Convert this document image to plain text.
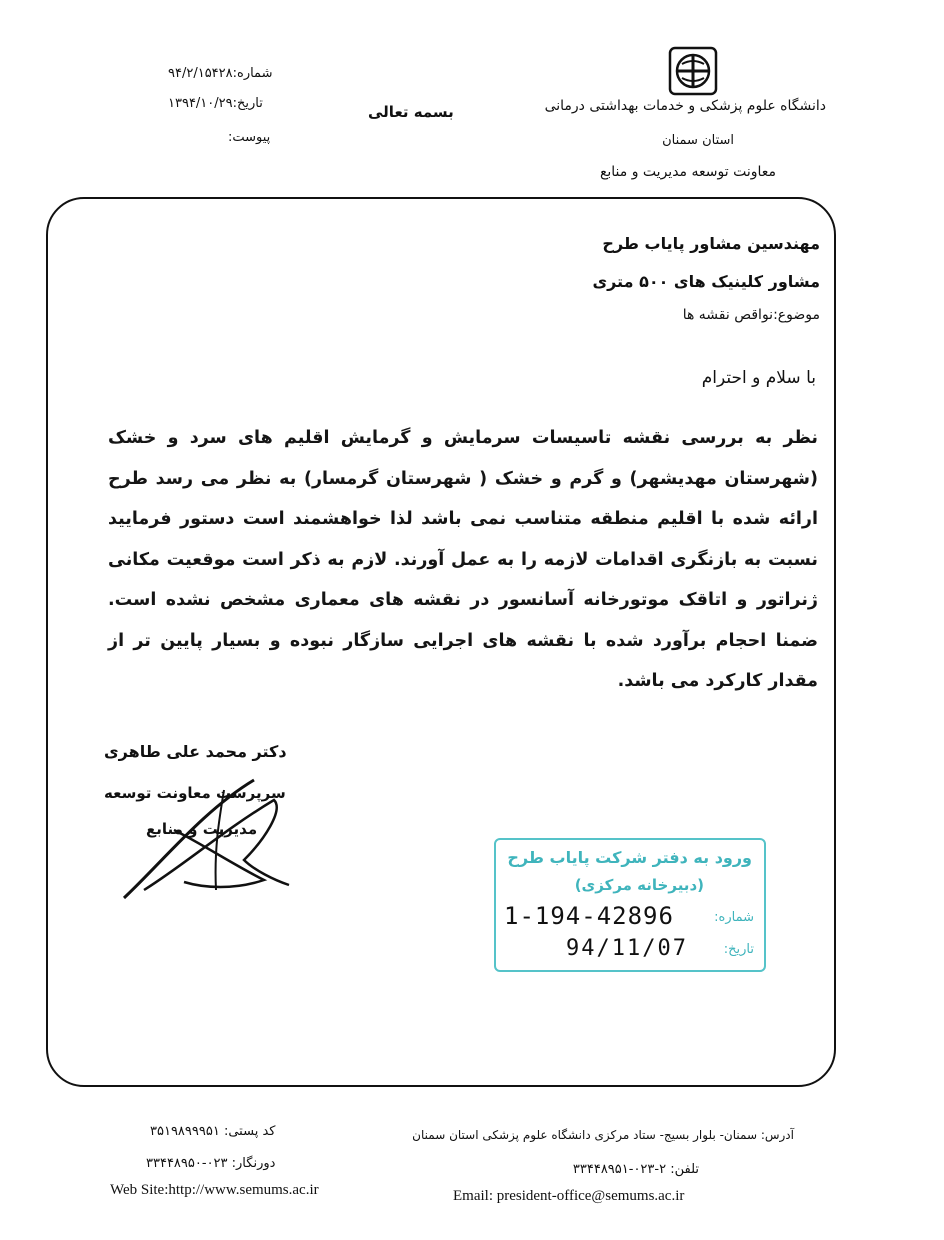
دانشگاه علوم پزشکی و خدمات بهداشتی درمانی
استان سمنان
معاونت توسعه مدیریت و منابع
بسمه تعالی
شماره:۹۴/۲/۱۵۴۲۸
تاریخ:۱۳۹۴/۱۰/۲۹
پیوست:
مهندسین مشاور پایاب طرح
مشاور کلینیک های ۵۰۰ متری
موضوع:نواقص نقشه ها
با سلام و احترام
نظر به بررسی نقشه تاسیسات سرمایش و گرمایش اقلیم های سرد و خشک (شهرستان مهدیشهر) و گرم و خشک ( شهرستان گرمسار) به نظر می رسد طرح ارائه شده با اقلیم منطقه متناسب نمی باشد لذا خواهشمند است دستور فرمایید نسبت به بازنگری اقدامات لازمه را به عمل آورند. لازم به ذکر است موقعیت مکانی ژنراتور و اتاقک موتورخانه آسانسور در نقشه های معماری مشخص نشده است. ضمنا احجام برآورد شده با نقشه های اجرایی سازگار نبوده و بسیار پایین تر از مقدار کارکرد می باشد.
دکتر محمد علی طاهری
سرپرست معاونت توسعه
مدیریت و منابع
ورود به دفتر شرکت پایاب طرح
(دبیرخانه مرکزی)
شماره:
تاریخ:
1-194-42896
94/11/07
کد پستی: ۳۵۱۹۸۹۹۹۵۱
دورنگار: ۰۲۳-۳۳۴۴۸۹۵۰
Web Site:http://www.semums.ac.ir
آدرس: سمنان- بلوار بسیج- ستاد مرکزی دانشگاه علوم پزشکی استان سمنان
تلفن: ۲-۰۲۳-۳۳۴۴۸۹۵۱
Email: president-office@semums.ac.ir
